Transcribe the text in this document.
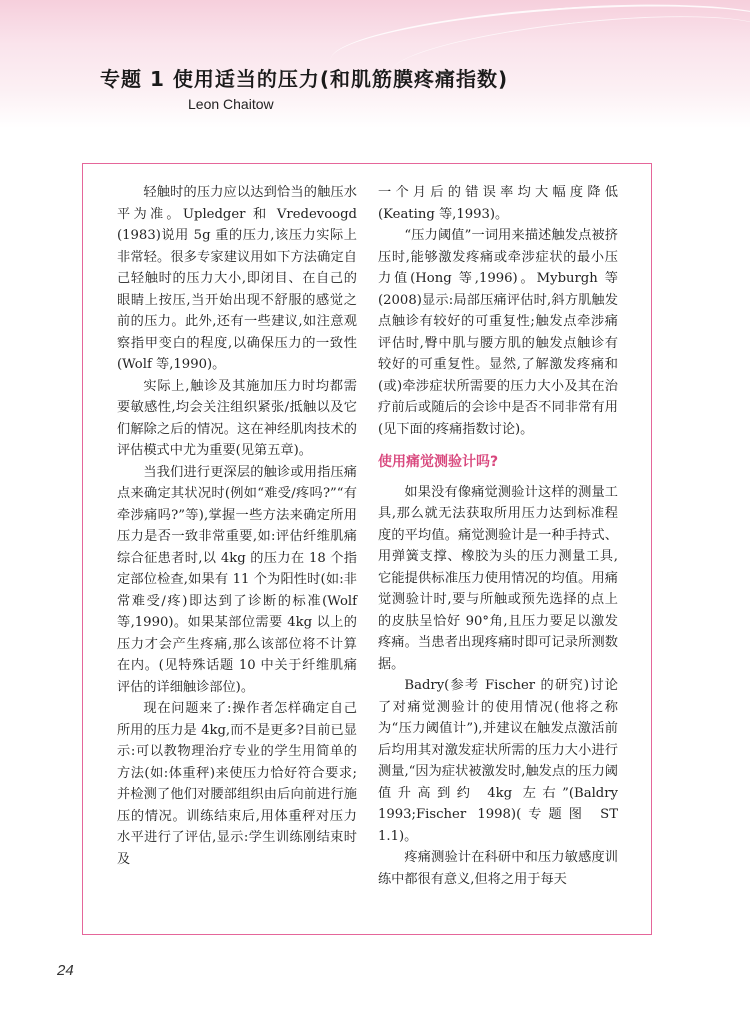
专题 1 使用适当的压力(和肌筋膜疼痛指数)
Leon Chaitow

轻触时的压力应以达到恰当的触压水平为准。Upledger 和 Vredevoogd (1983)说用 5g 重的压力,该压力实际上非常轻。很多专家建议用如下方法确定自己轻触时的压力大小,即闭目、在自己的眼睛上按压,当开始出现不舒服的感觉之前的压力。此外,还有一些建议,如注意观察指甲变白的程度,以确保压力的一致性(Wolf 等,1990)。

实际上,触诊及其施加压力时均都需要敏感性,均会关注组织紧张/抵触以及它们解除之后的情况。这在神经肌肉技术的评估模式中尤为重要(见第五章)。

当我们进行更深层的触诊或用指压痛点来确定其状况时(例如“难受/疼吗?”“有牵涉痛吗?”等),掌握一些方法来确定所用压力是否一致非常重要,如:评估纤维肌痛综合征患者时,以 4kg 的压力在 18 个指定部位检查,如果有 11 个为阳性时(如:非常难受/疼)即达到了诊断的标准(Wolf 等,1990)。如果某部位需要 4kg 以上的压力才会产生疼痛,那么该部位将不计算在内。(见特殊话题 10 中关于纤维肌痛评估的详细触诊部位)。

现在问题来了:操作者怎样确定自己所用的压力是 4kg,而不是更多?目前已显示:可以教物理治疗专业的学生用简单的方法(如:体重秤)来使压力恰好符合要求;并检测了他们对腰部组织由后向前进行施压的情况。训练结束后,用体重秤对压力水平进行了评估,显示:学生训练刚结束时及

一个月后的错误率均大幅度降低(Keating 等,1993)。

“压力阈值”一词用来描述触发点被挤压时,能够激发疼痛或牵涉症状的最小压力值(Hong 等,1996)。Myburgh 等(2008)显示:局部压痛评估时,斜方肌触发点触诊有较好的可重复性;触发点牵涉痛评估时,臀中肌与腰方肌的触发点触诊有较好的可重复性。显然,了解激发疼痛和(或)牵涉症状所需要的压力大小及其在治疗前后或随后的会诊中是否不同非常有用(见下面的疼痛指数讨论)。

使用痛觉测验计吗?

如果没有像痛觉测验计这样的测量工具,那么就无法获取所用压力达到标准程度的平均值。痛觉测验计是一种手持式、用弹簧支撑、橡胶为头的压力测量工具,它能提供标准压力使用情况的均值。用痛觉测验计时,要与所触或预先选择的点上的皮肤呈恰好 90°角,且压力要足以激发疼痛。当患者出现疼痛时即可记录所测数据。

Badry(参考 Fischer 的研究)讨论了对痛觉测验计的使用情况(他将之称为“压力阈值计”),并建议在触发点激活前后均用其对激发症状所需的压力大小进行测量,“因为症状被激发时,触发点的压力阈值升高到约 4kg 左右”(Baldry 1993;Fischer 1998)(专题图 ST 1.1)。

疼痛测验计在科研中和压力敏感度训练中都很有意义,但将之用于每天

24
